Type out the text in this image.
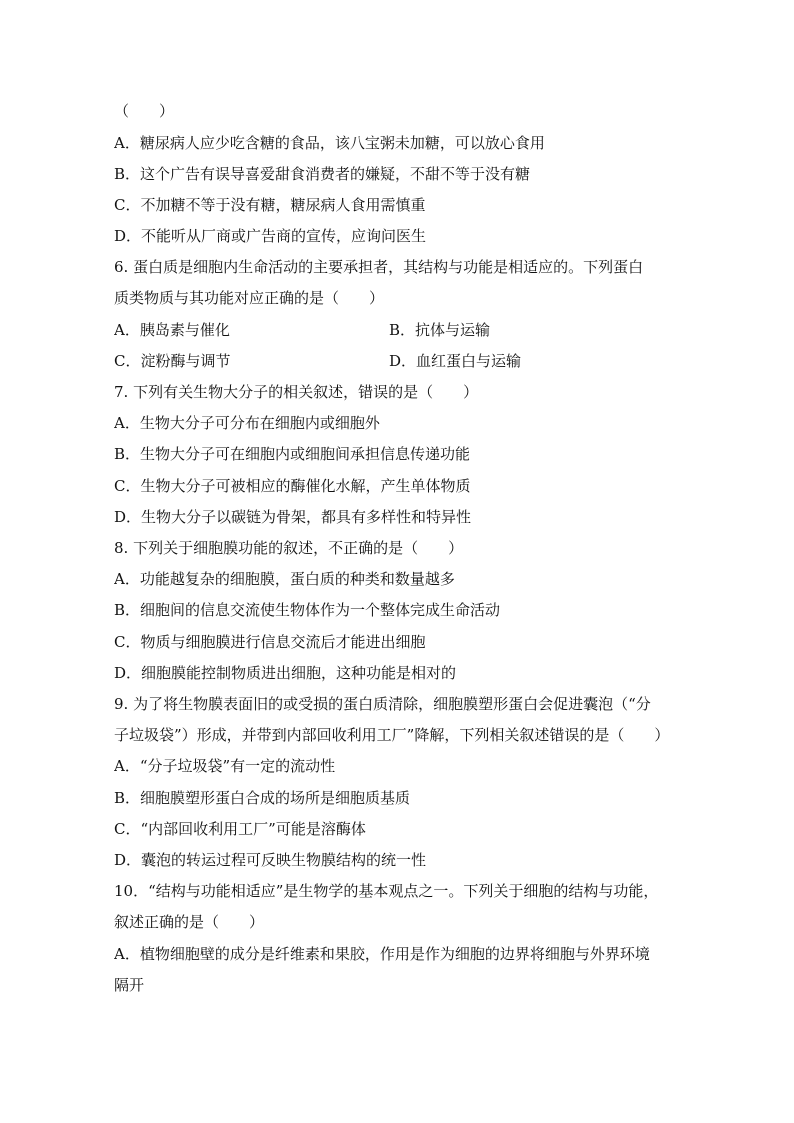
（　　）
A．糖尿病人应少吃含糖的食品，该八宝粥未加糖，可以放心食用
B．这个广告有误导喜爱甜食消费者的嫌疑，不甜不等于没有糖
C．不加糖不等于没有糖，糖尿病人食用需慎重
D．不能听从厂商或广告商的宣传，应询问医生
6. 蛋白质是细胞内生命活动的主要承担者，其结构与功能是相适应的。下列蛋白
质类物质与其功能对应正确的是（　　）
A．胰岛素与催化	B．抗体与运输
C．淀粉酶与调节	D．血红蛋白与运输
7. 下列有关生物大分子的相关叙述，错误的是（　　）
A．生物大分子可分布在细胞内或细胞外
B．生物大分子可在细胞内或细胞间承担信息传递功能
C．生物大分子可被相应的酶催化水解，产生单体物质
D．生物大分子以碳链为骨架，都具有多样性和特异性
8. 下列关于细胞膜功能的叙述，不正确的是（　　）
A．功能越复杂的细胞膜，蛋白质的种类和数量越多
B．细胞间的信息交流使生物体作为一个整体完成生命活动
C．物质与细胞膜进行信息交流后才能进出细胞
D．细胞膜能控制物质进出细胞，这种功能是相对的
9. 为了将生物膜表面旧的或受损的蛋白质清除，细胞膜塑形蛋白会促进囊泡（“分
子垃圾袋”）形成，并带到内部回收利用工厂”降解，下列相关叙述错误的是（　　）
A．“分子垃圾袋”有一定的流动性
B．细胞膜塑形蛋白合成的场所是细胞质基质
C．“内部回收利用工厂”可能是溶酶体
D．囊泡的转运过程可反映生物膜结构的统一性
10．“结构与功能相适应”是生物学的基本观点之一。下列关于细胞的结构与功能，
叙述正确的是（　　）
A．植物细胞壁的成分是纤维素和果胶，作用是作为细胞的边界将细胞与外界环境
隔开
